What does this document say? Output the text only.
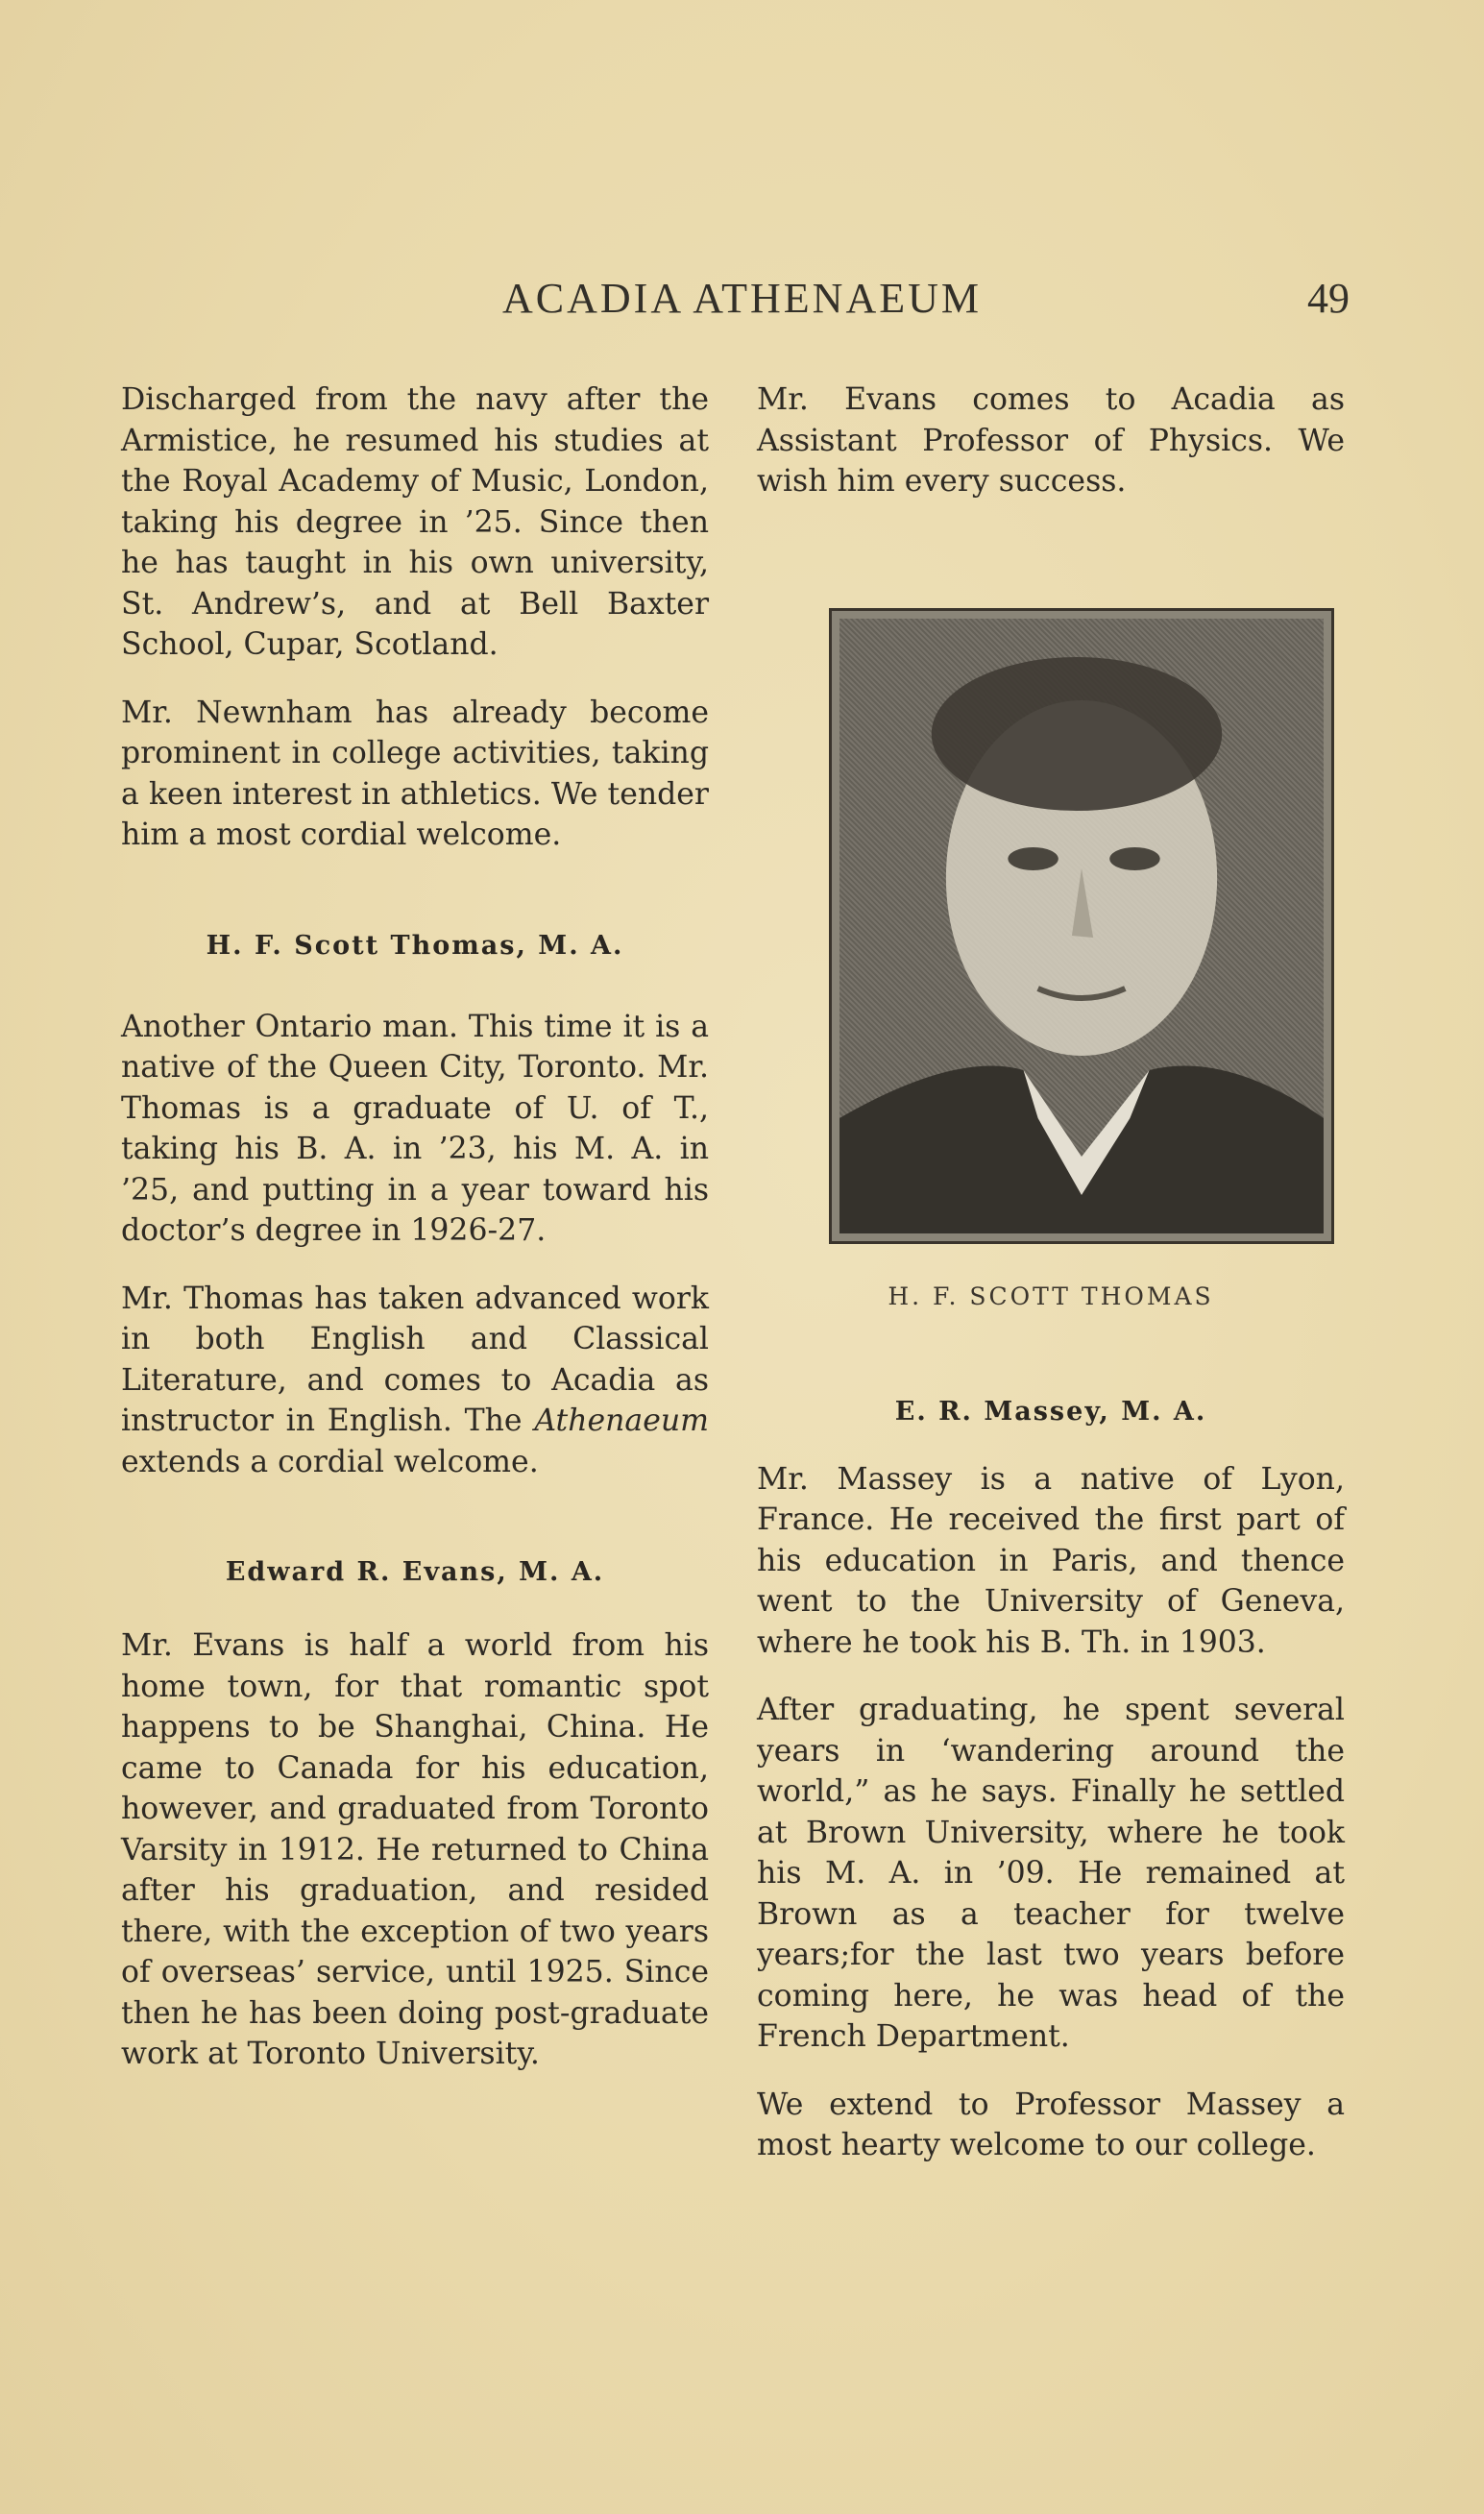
ACADIA ATHENAEUM	49

Discharged from the navy after the Armistice, he resumed his studies at the Royal Academy of Music, London, taking his degree in ’25. Since then he has taught in his own university, St. Andrew’s, and at Bell Baxter School, Cupar, Scotland.

Mr. Newnham has already become prominent in college activities, taking a keen interest in athletics. We tender him a most cordial welcome.

H. F. Scott Thomas, M. A.

Another Ontario man. This time it is a native of the Queen City, Toronto. Mr. Thomas is a graduate of U. of T., taking his B. A. in ’23, his M. A. in ’25, and putting in a year toward his doctor’s degree in 1926-27.

Mr. Thomas has taken advanced work in both English and Classical Literature, and comes to Acadia as instructor in English. The Athenaeum extends a cordial welcome.

Edward R. Evans, M. A.

Mr. Evans is half a world from his home town, for that romantic spot happens to be Shanghai, China. He came to Canada for his education, however, and graduated from Toronto Varsity in 1912. He returned to China after his graduation, and resided there, with the exception of two years of overseas’ service, until 1925. Since then he has been doing post-graduate work at Toronto University.

Mr. Evans comes to Acadia as Assistant Professor of Physics. We wish him every success.

H. F. SCOTT THOMAS
E. R. Massey, M. A.

Mr. Massey is a native of Lyon, France. He received the first part of his education in Paris, and thence went to the University of Geneva, where he took his B. Th. in 1903.

After graduating, he spent several years in ‘wandering around the world,” as he says. Finally he settled at Brown University, where he took his M. A. in ’09. He remained at Brown as a teacher for twelve years;for the last two years before coming here, he was head of the French Department.

We extend to Professor Massey a most hearty welcome to our college.
